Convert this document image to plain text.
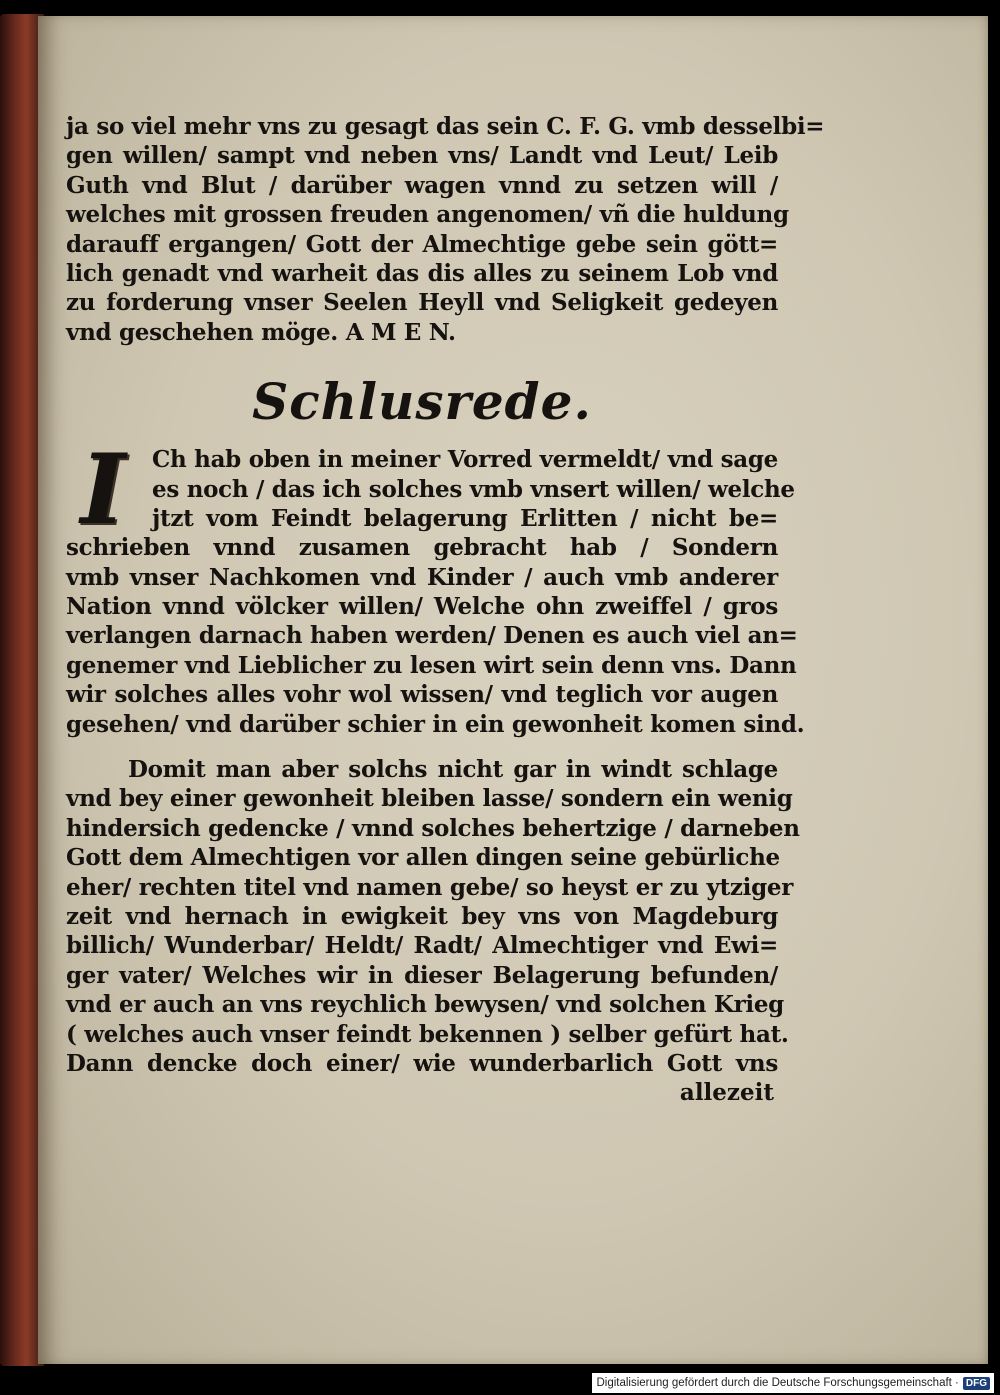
ja so viel mehr vns zu gesagt das sein C. F. G. vmb desselbi=
gen willen/ sampt vnd neben vns/ Landt vnd Leut/ Leib
Guth vnd Blut / darüber wagen vnnd zu setzen will /
welches mit grossen freuden angenomen/ vñ die huldung
darauff ergangen/ Gott der Almechtige gebe sein gött=
lich genadt vnd warheit das dis alles zu seinem Lob vnd
zu forderung vnser Seelen Heyll vnd Seligkeit gedeyen
vnd geschehen möge. A M E N.
Schlusrede.
I	Ch hab oben in meiner Vorred vermeldt/ vnd sage
es noch / das ich solches vmb vnsert willen/ welche
jtzt vom Feindt belagerung Erlitten / nicht be=
schrieben vnnd zusamen gebracht hab / Sondern
vmb vnser Nachkomen vnd Kinder / auch vmb anderer
Nation vnnd völcker willen/ Welche ohn zweiffel / gros
verlangen darnach haben werden/ Denen es auch viel an=
genemer vnd Lieblicher zu lesen wirt sein denn vns. Dann
wir solches alles vohr wol wissen/ vnd teglich vor augen
gesehen/ vnd darüber schier in ein gewonheit komen sind.
Domit man aber solchs nicht gar in windt schlage
vnd bey einer gewonheit bleiben lasse/ sondern ein wenig
hindersich gedencke / vnnd solches behertzige / darneben
Gott dem Almechtigen vor allen dingen seine gebürliche
eher/ rechten titel vnd namen gebe/ so heyst er zu ytziger
zeit vnd hernach in ewigkeit bey vns von Magdeburg
billich/ Wunderbar/ Heldt/ Radt/ Almechtiger vnd Ewi=
ger vater/ Welches wir in dieser Belagerung befunden/
vnd er auch an vns reychlich bewysen/ vnd solchen Krieg
( welches auch vnser feindt bekennen ) selber gefürt hat.
Dann dencke doch einer/ wie wunderbarlich Gott vns
allezeit
Digitalisierung gefördert durch die Deutsche Forschungsgemeinschaft · DFG
